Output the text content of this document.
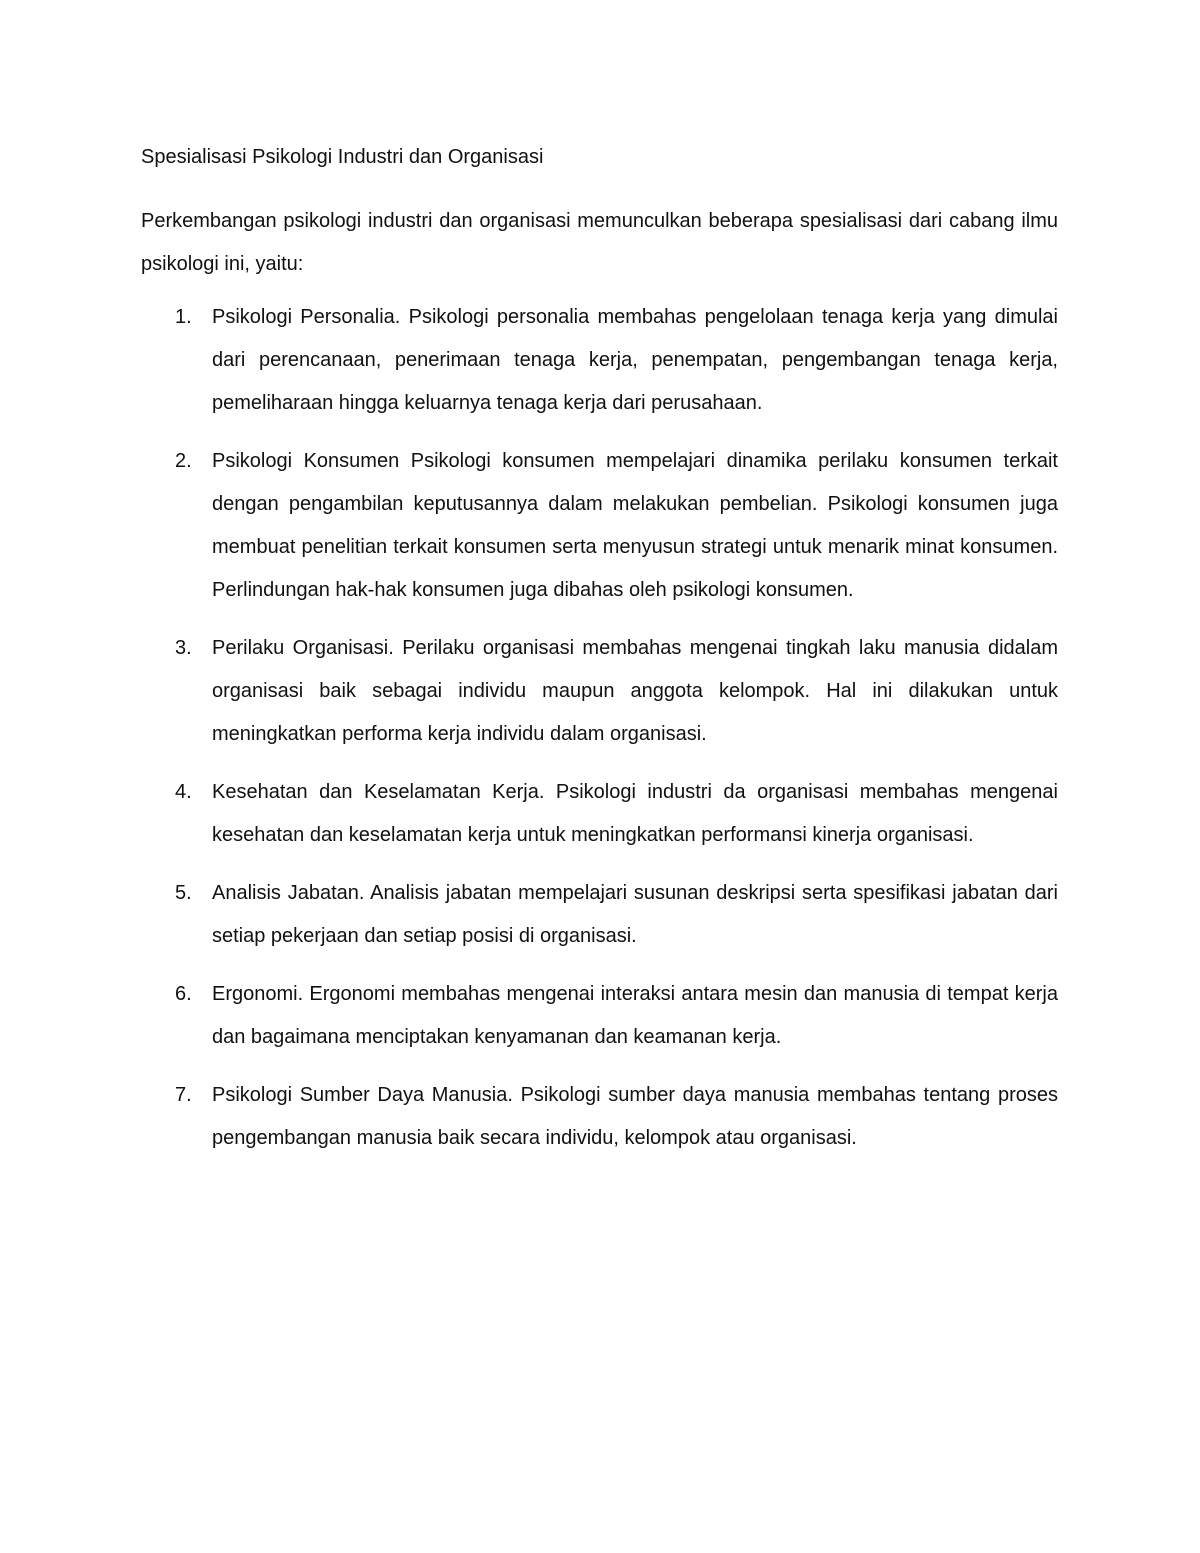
Spesialisasi Psikologi Industri dan Organisasi

Perkembangan psikologi industri dan organisasi memunculkan beberapa spesialisasi dari cabang ilmu psikologi ini, yaitu:

1. Psikologi Personalia. Psikologi personalia membahas pengelolaan tenaga kerja yang dimulai dari perencanaan, penerimaan tenaga kerja, penempatan, pengembangan tenaga kerja, pemeliharaan hingga keluarnya tenaga kerja dari perusahaan.
2. Psikologi Konsumen Psikologi konsumen mempelajari dinamika perilaku konsumen terkait dengan pengambilan keputusannya dalam melakukan pembelian. Psikologi konsumen juga membuat penelitian terkait konsumen serta menyusun strategi untuk menarik minat konsumen. Perlindungan hak-hak konsumen juga dibahas oleh psikologi konsumen.
3. Perilaku Organisasi. Perilaku organisasi membahas mengenai tingkah laku manusia didalam organisasi baik sebagai individu maupun anggota kelompok. Hal ini dilakukan untuk meningkatkan performa kerja individu dalam organisasi.
4. Kesehatan dan Keselamatan Kerja. Psikologi industri da organisasi membahas mengenai kesehatan dan keselamatan kerja untuk meningkatkan performansi kinerja organisasi.
5. Analisis Jabatan. Analisis jabatan mempelajari susunan deskripsi serta spesifikasi jabatan dari setiap pekerjaan dan setiap posisi di organisasi.
6. Ergonomi. Ergonomi membahas mengenai interaksi antara mesin dan manusia di tempat kerja dan bagaimana menciptakan kenyamanan dan keamanan kerja.
7. Psikologi Sumber Daya Manusia. Psikologi sumber daya manusia membahas tentang proses pengembangan manusia baik secara individu, kelompok atau organisasi.
